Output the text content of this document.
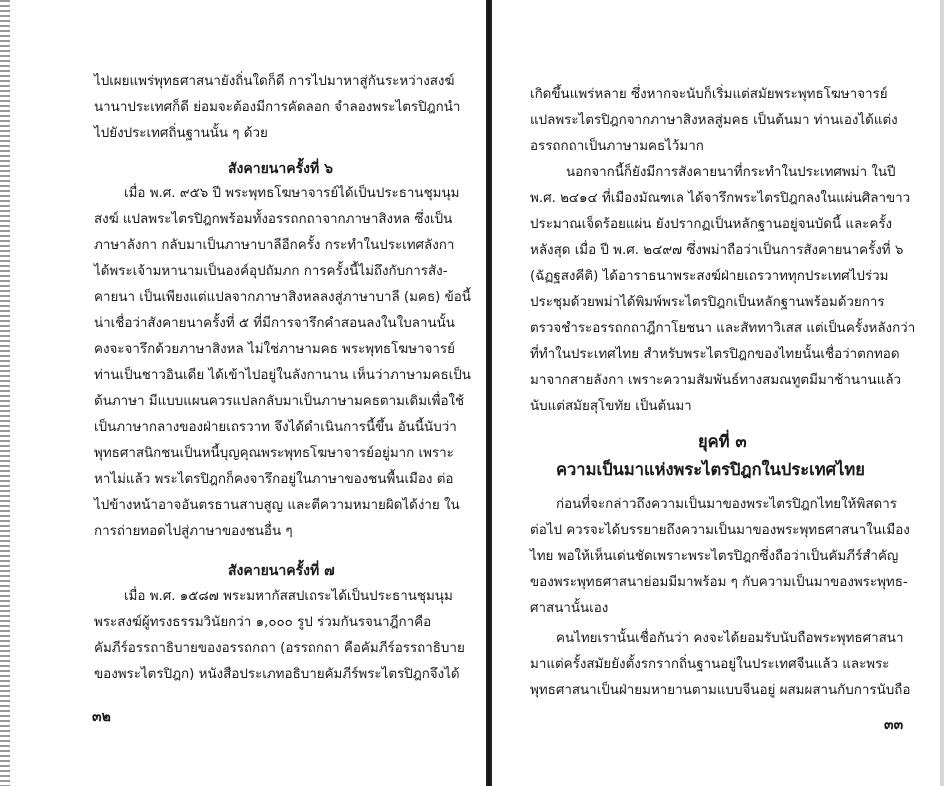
ไปเผยแพร่พุทธศาสนายังถิ่นใดก็ดี การไปมาหาสู่กันระหว่างสงฆ์
นานาประเทศก็ดี ย่อมจะต้องมีการคัดลอก จำลองพระไตรปิฎกนำ
ไปยังประเทศถิ่นฐานนั้น ๆ ด้วย
สังคายนาครั้งที่ ๖
เมื่อ พ.ศ. ๙๕๖ ปี พระพุทธโฆษาจารย์ได้เป็นประธานชุมนุม
สงฆ์ แปลพระไตรปิฎกพร้อมทั้งอรรถกถาจากภาษาสิงหล ซึ่งเป็น
ภาษาลังกา กลับมาเป็นภาษาบาลีอีกครั้ง กระทำในประเทศลังกา
ได้พระเจ้ามหานามเป็นองค์อุปถัมภก การครั้งนี้ไม่ถึงกับการสัง-
คายนา เป็นเพียงแต่แปลจากภาษาสิงหลลงสู่ภาษาบาลี (มคธ) ข้อนี้
น่าเชื่อว่าสังคายนาครั้งที่ ๕ ที่มีการจารึกคำสอนลงในใบลานนั้น
คงจะจารึกด้วยภาษาสิงหล ไม่ใช่ภาษามคธ พระพุทธโฆษาจารย์
ท่านเป็นชาวอินเดีย ได้เข้าไปอยู่ในลังกานาน เห็นว่าภาษามคธเป็น
ต้นภาษา มีแบบแผนควรแปลกลับมาเป็นภาษามคธตามเดิมเพื่อใช้
เป็นภาษากลางของฝ่ายเถรวาท จึงได้ดำเนินการนี้ขึ้น อันนี้นับว่า
พุทธศาสนิกชนเป็นหนี้บุญคุณพระพุทธโฆษาจารย์อยู่มาก เพราะ
หาไม่แล้ว พระไตรปิฎกก็คงจารึกอยู่ในภาษาของชนพื้นเมือง ต่อ
ไปข้างหน้าอาจอันตรธานสาบสูญ และตีความหมายผิดได้ง่าย ใน
การถ่ายทอดไปสู่ภาษาของชนอื่น ๆ
สังคายนาครั้งที่ ๗
เมื่อ พ.ศ. ๑๕๘๗ พระมหากัสสปเถระได้เป็นประธานชุมนุม
พระสงฆ์ผู้ทรงธรรมวินัยกว่า ๑,๐๐๐ รูป ร่วมกันรจนาฎีกาคือ
คัมภีร์อรรถาธิบายของอรรถกถา (อรรถกถา คือคัมภีร์อรรถาธิบาย
ของพระไตรปิฎก) หนังสือประเภทอธิบายคัมภีร์พระไตรปิฎกจึงได้
๓๒
เกิดขึ้นแพร่หลาย ซึ่งหากจะนับก็เริ่มแต่สมัยพระพุทธโฆษาจารย์
แปลพระไตรปิฎกจากภาษาสิงหลสู่มคธ เป็นต้นมา ท่านเองได้แต่ง
อรรถกถาเป็นภาษามคธไว้มาก
นอกจากนี้ก็ยังมีการสังคายนาที่กระทำในประเทศพม่า ในปี
พ.ศ. ๒๔๑๔ ที่เมืองมัณฑเล ได้จารึกพระไตรปิฎกลงในแผ่นศิลาขาว
ประมาณเจ็ดร้อยแผ่น ยังปรากฏเป็นหลักฐานอยู่จนบัดนี้ และครั้ง
หลังสุด เมื่อ ปี พ.ศ. ๒๔๙๗ ซึ่งพม่าถือว่าเป็นการสังคายนาครั้งที่ ๖
(ฉัฏฐสงคีติ) ได้อาราธนาพระสงฆ์ฝ่ายเถรวาททุกประเทศไปร่วม
ประชุมด้วยพม่าได้พิมพ์พระไตรปิฎกเป็นหลักฐานพร้อมด้วยการ
ตรวจชำระอรรถกถาฎีกาโยชนา และสัททาวิเสส แต่เป็นครั้งหลังกว่า
ที่ทำในประเทศไทย สำหรับพระไตรปิฎกของไทยนั้นเชื่อว่าตกทอด
มาจากสายลังกา เพราะความสัมพันธ์ทางสมณทูตมีมาช้านานแล้ว
นับแต่สมัยสุโขทัย เป็นต้นมา
ยุคที่ ๓
ความเป็นมาแห่งพระไตรปิฎกในประเทศไทย
ก่อนที่จะกล่าวถึงความเป็นมาของพระไตรปิฎกไทยให้พิสดาร
ต่อไป ควรจะได้บรรยายถึงความเป็นมาของพระพุทธศาสนาในเมือง
ไทย พอให้เห็นเด่นชัดเพราะพระไตรปิฎกซึ่งถือว่าเป็นคัมภีร์สำคัญ
ของพระพุทธศาสนาย่อมมีมาพร้อม ๆ กับความเป็นมาของพระพุทธ-
ศาสนานั้นเอง
คนไทยเรานั้นเชื่อกันว่า คงจะได้ยอมรับนับถือพระพุทธศาสนา
มาแต่ครั้งสมัยยังตั้งรกรากถิ่นฐานอยู่ในประเทศจีนแล้ว และพระ
พุทธศาสนาเป็นฝ่ายมหายานตามแบบจีนอยู่ ผสมผสานกับการนับถือ
๓๓
